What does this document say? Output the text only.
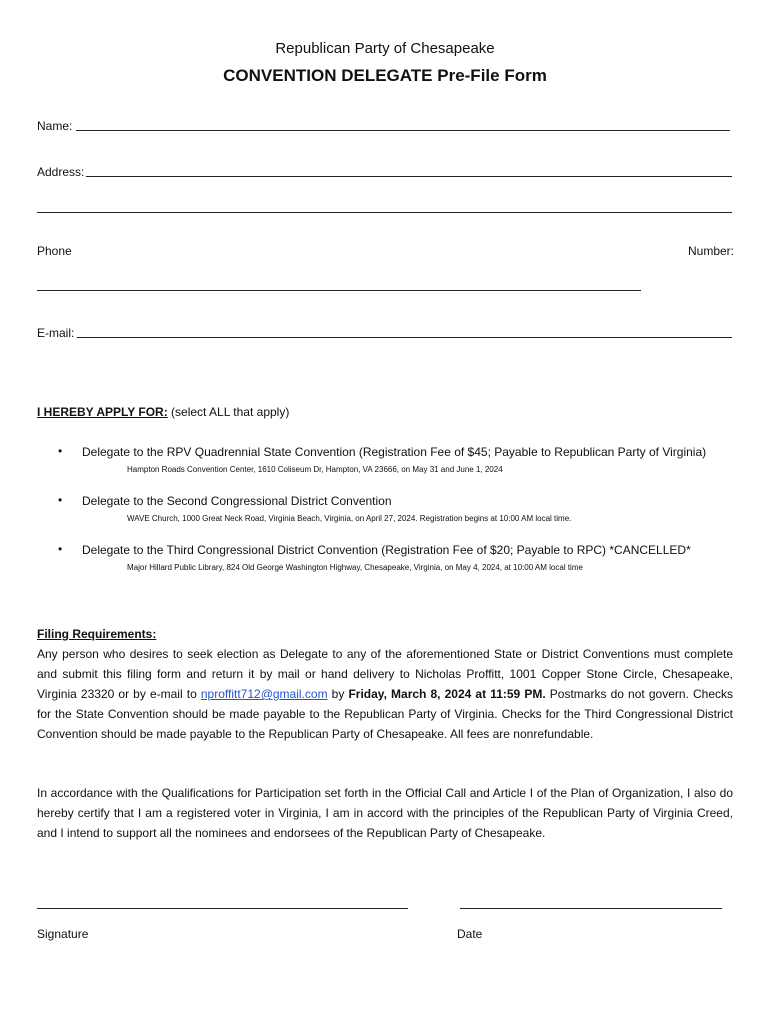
Republican Party of Chesapeake
CONVENTION DELEGATE Pre-File Form
Name:
Address:
Phone	Number:
E-mail:
I HEREBY APPLY FOR: (select ALL that apply)
• Delegate to the RPV Quadrennial State Convention (Registration Fee of $45; Payable to Republican Party of Virginia)
Hampton Roads Convention Center, 1610 Coliseum Dr, Hampton, VA 23666, on May 31 and June 1, 2024
• Delegate to the Second Congressional District Convention
WAVE Church, 1000 Great Neck Road, Virginia Beach, Virginia, on April 27, 2024. Registration begins at 10:00 AM local time.
• Delegate to the Third Congressional District Convention (Registration Fee of $20; Payable to RPC) *CANCELLED*
Major Hillard Public Library, 824 Old George Washington Highway, Chesapeake, Virginia, on May 4, 2024, at 10:00 AM local time
Filing Requirements:
Any person who desires to seek election as Delegate to any of the aforementioned State or District Conventions must complete and submit this filing form and return it by mail or hand delivery to Nicholas Proffitt, 1001 Copper Stone Circle, Chesapeake, Virginia 23320 or by e-mail to nproffitt712@gmail.com by Friday, March 8, 2024 at 11:59 PM. Postmarks do not govern. Checks for the State Convention should be made payable to the Republican Party of Virginia. Checks for the Third Congressional District Convention should be made payable to the Republican Party of Chesapeake. All fees are nonrefundable.
In accordance with the Qualifications for Participation set forth in the Official Call and Article I of the Plan of Organization, I also do hereby certify that I am a registered voter in Virginia, I am in accord with the principles of the Republican Party of Virginia Creed, and I intend to support all the nominees and endorsees of the Republican Party of Chesapeake.
Signature	Date
